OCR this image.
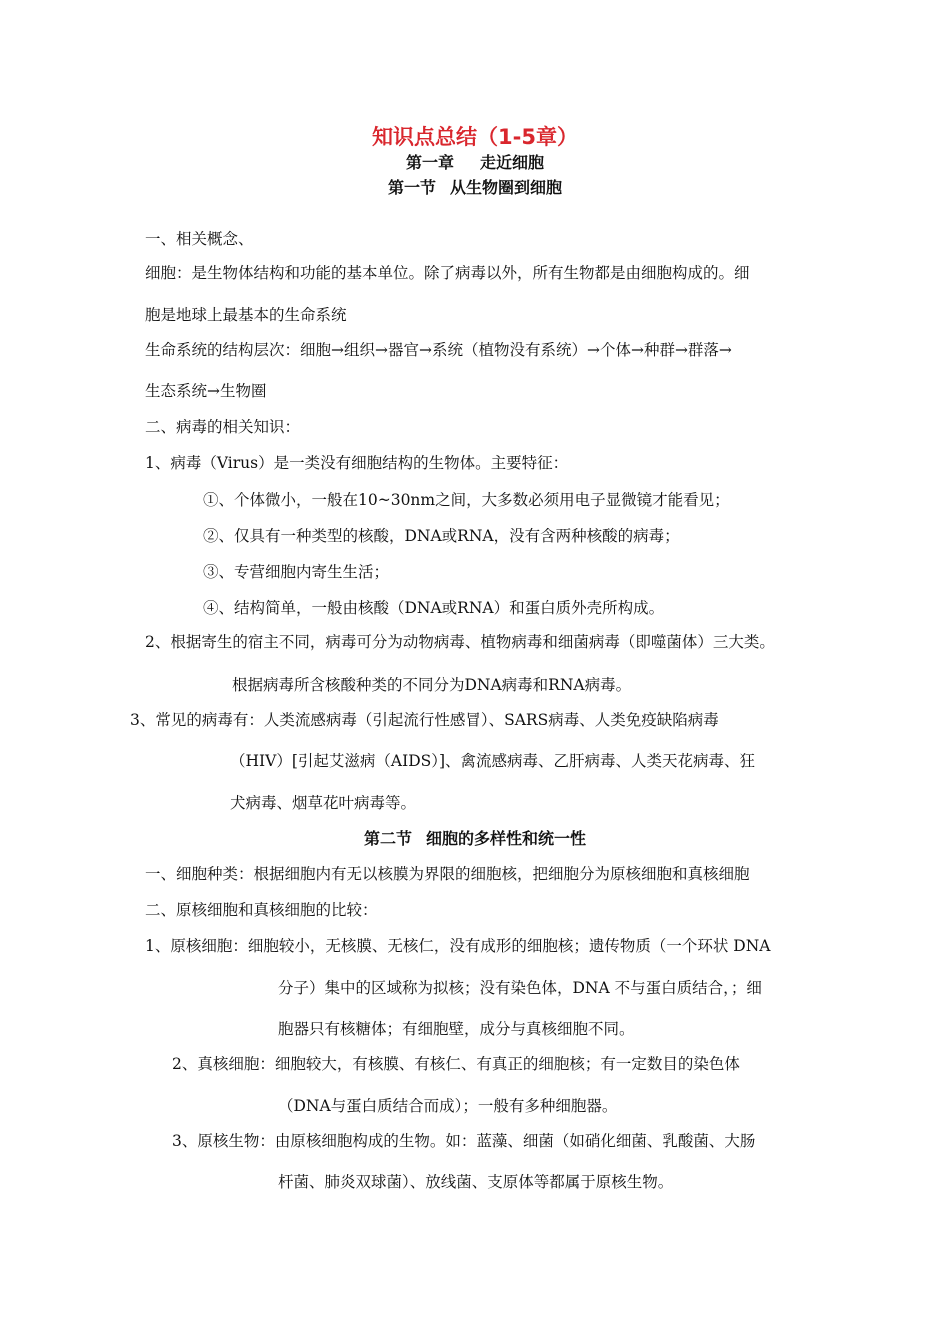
知识点总结（1-5章）
第一章 走近细胞
第一节 从生物圈到细胞
一、相关概念、
细胞：是生物体结构和功能的基本单位。除了病毒以外，所有生物都是由细胞构成的。细
胞是地球上最基本的生命系统
生命系统的结构层次：细胞→组织→器官→系统（植物没有系统）→个体→种群→群落→
生态系统→生物圈
二、病毒的相关知识：
1、病毒（Virus）是一类没有细胞结构的生物体。主要特征：
①、个体微小，一般在10~30nm之间，大多数必须用电子显微镜才能看见；
②、仅具有一种类型的核酸，DNA或RNA，没有含两种核酸的病毒；
③、专营细胞内寄生生活；
④、结构简单，一般由核酸（DNA或RNA）和蛋白质外壳所构成。
2、根据寄生的宿主不同，病毒可分为动物病毒、植物病毒和细菌病毒（即噬菌体）三大类。
根据病毒所含核酸种类的不同分为DNA病毒和RNA病毒。
3、常见的病毒有：人类流感病毒（引起流行性感冒）、SARS病毒、人类免疫缺陷病毒
（HIV）[引起艾滋病（AIDS）]、禽流感病毒、乙肝病毒、人类天花病毒、狂
犬病毒、烟草花叶病毒等。
第二节 细胞的多样性和统一性
一、细胞种类：根据细胞内有无以核膜为界限的细胞核，把细胞分为原核细胞和真核细胞
二、原核细胞和真核细胞的比较：
1、原核细胞：细胞较小，无核膜、无核仁，没有成形的细胞核；遗传物质（一个环状 DNA
分子）集中的区域称为拟核；没有染色体，DNA 不与蛋白质结合，；细
胞器只有核糖体；有细胞壁，成分与真核细胞不同。
2、真核细胞：细胞较大，有核膜、有核仁、有真正的细胞核；有一定数目的染色体
（DNA与蛋白质结合而成）；一般有多种细胞器。
3、原核生物：由原核细胞构成的生物。如：蓝藻、细菌（如硝化细菌、乳酸菌、大肠
杆菌、肺炎双球菌）、放线菌、支原体等都属于原核生物。
